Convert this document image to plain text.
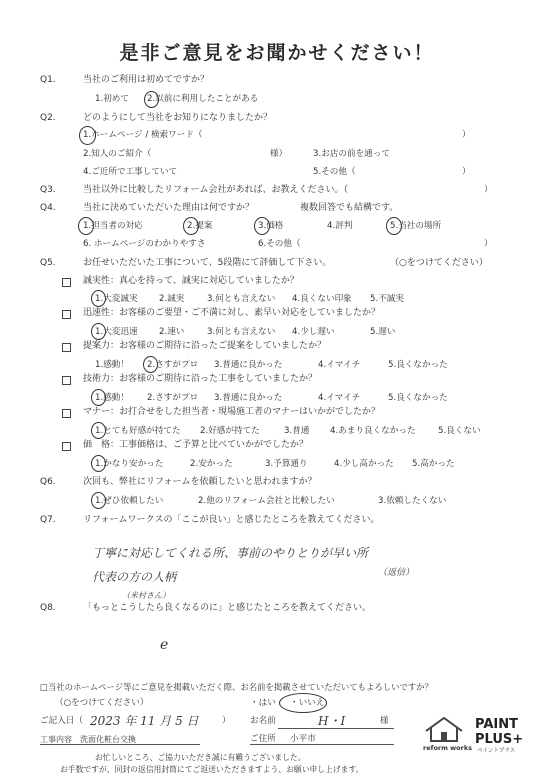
是非ご意見をお聞かせください！
Q1.	当社のご利用は初めてですか？
1.初めて 2.以前に利用したことがある
Q2.	どのようにして当社をお知りになりましたか？
1.ホームページ / 検索ワード（	）
2.知人のご紹介（	様）	3.お店の前を通って
4.ご近所で工事していて	5.その他（	）
Q3.	当社以外に比較したリフォーム会社があれば、お教えください。（	）
Q4.	当社に決めていただいた理由は何ですか？	複数回答でも結構です。
1.担当者の対応	2.提案	3.価格	4.評判	5.当社の場所
6. ホームページのわかりやすさ	6.その他（	）
Q5.	お任せいただいた工事について、5段階にて評価して下さい。	（○をつけてください）
誠実性：真心を持って、誠実に対応していましたか？
1.大変誠実 2.誠実	3.何とも言えない 4.良くない印象 5.不誠実
迅速性：お客様のご要望・ご不満に対し、素早い対応をしていましたか？
1.大変迅速 2.速い	3.何とも言えない 4.少し遅い	5.遅い
提案力：お客様のご期待に沿ったご提案をしていましたか？
1.感動！ 2.さすがプロ 3.普通に良かった	4.イマイチ	5.良くなかった
技術力：お客様のご期待に沿った工事をしていましたか？
1.感動！ 2.さすがプロ 3.普通に良かった	4.イマイチ	5.良くなかった
マナー：お打合せをした担当者・現場施工者のマナーはいかがでしたか？
1.とても好感が持てた 2.好感が持てた	3.普通 4.あまり良くなかった	5.良くない
価　格：工事価格は、ご予算と比べていかがでしたか？
1.かなり安かった	2.安かった	3.予算通り	4.少し高かった 5.高かった
Q6.	次回も、弊社にリフォームを依頼したいと思われますか？
1.ぜひ依頼したい	2.他のリフォーム会社と比較したい	3.依頼したくない
Q7.	リフォームワークスの「ここが良い」と感じたところを教えてください。
丁寧に対応してくれる所、事前のやりとりが早い所
代表の方の人柄	（返信）
（米村さん）
Q8.	「もっとこうしたら良くなるのに」と感じたところを教えてください。
e
□当社のホームページ等にご意見を掲載いただく際、お名前を掲載させていただいてもよろしいですか？
（○をつけてください）	・はい ・いいえ
ご記入日（ 2023 年 11 月 5 日	） お名前	H・I	様
工事内容 洗面化粧台交換	ご住所 小平市
お忙しいところ、ご協力いただき誠に有難うございました。
お手数ですが、同封の返信用封筒にてご返送いただきますよう、お願い申し上げます。
reform works
PAINT
PLUS+
ペイントプラス
